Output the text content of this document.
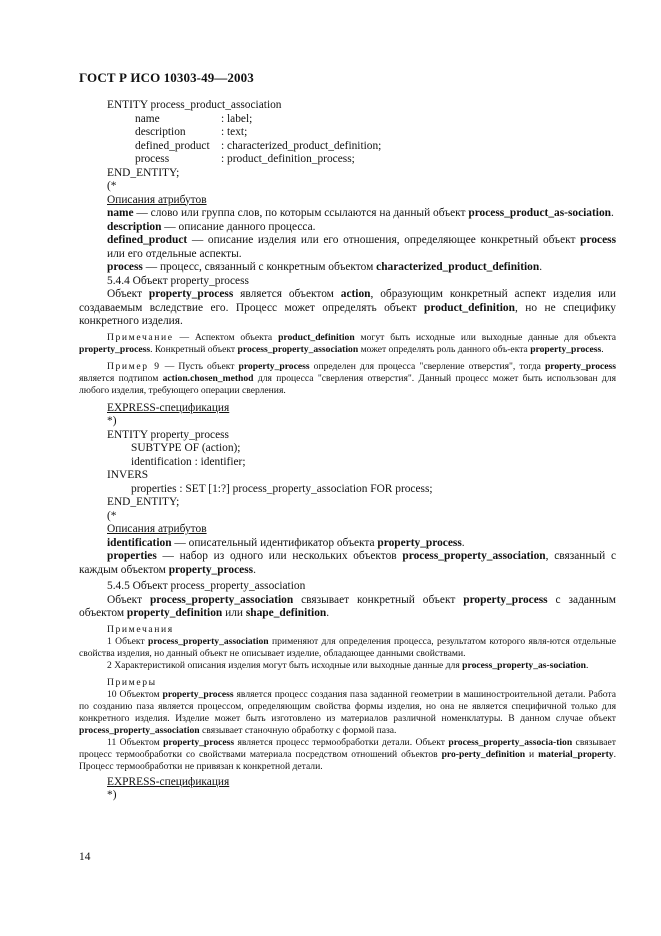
ГОСТ Р ИСО 10303-49—2003
ENTITY process_product_association
name	: label;
description	: text;
defined_product : characterized_product_definition;
process	: product_definition_process;
END_ENTITY;
(*
Описания атрибутов

name — слово или группа слов, по которым ссылаются на данный объект process_product_as-sociation.

description — описание данного процесса.

defined_product — описание изделия или его отношения, определяющее конкретный объект process или его отдельные аспекты.

process — процесс, связанный с конкретным объектом characterized_product_definition.

5.4.4 Объект property_process

Объект property_process является объектом action, образующим конкретный аспект изделия или создаваемым вследствие его. Процесс может определять объект product_definition, но не специфику конкретного изделия.

Примечание — Аспектом объекта product_definition могут быть исходные или выходные данные для объекта property_process. Конкретный объект process_property_association может определять роль данного объ-екта property_process.

Пример 9 — Пусть объект property_process определен для процесса "сверление отверстия", тогда property_process является подтипом action.chosen_method для процесса "сверления отверстия". Данный процесс может быть использован для любого изделия, требующего операции сверления.

EXPRESS-спецификация
*)
ENTITY property_process
SUBTYPE OF (action);
identification : identifier;
INVERS
properties : SET [1:?] process_property_association FOR process;
END_ENTITY;
(*
Описания атрибутов

identification — описательный идентификатор объекта property_process.

properties — набор из одного или нескольких объектов process_property_association, связанный с каждым объектом property_process.

5.4.5 Объект process_property_association

Объект process_property_association связывает конкретный объект property_process с заданным объектом property_definition или shape_definition.

Примечания

1 Объект process_property_association применяют для определения процесса, результатом которого явля-ются отдельные свойства изделия, но данный объект не описывает изделие, обладающее данными свойствами.

2 Характеристикой описания изделия могут быть исходные или выходные данные для process_property_as-sociation.

Примеры

10 Объектом property_process является процесс создания паза заданной геометрии в машиностроительной детали. Работа по созданию паза является процессом, определяющим свойства формы изделия, но она не является специфичной только для конкретного изделия. Изделие может быть изготовлено из материалов различной номенклатуры. В данном случае объект process_property_association связывает станочную обработку с формой паза.

11 Объектом property_process является процесс термообработки детали. Объект process_property_associa-tion связывает процесс термообработки со свойствами материала посредством отношений объектов pro-perty_definition и material_property. Процесс термообработки не привязан к конкретной детали.

EXPRESS-спецификация
*)
14
